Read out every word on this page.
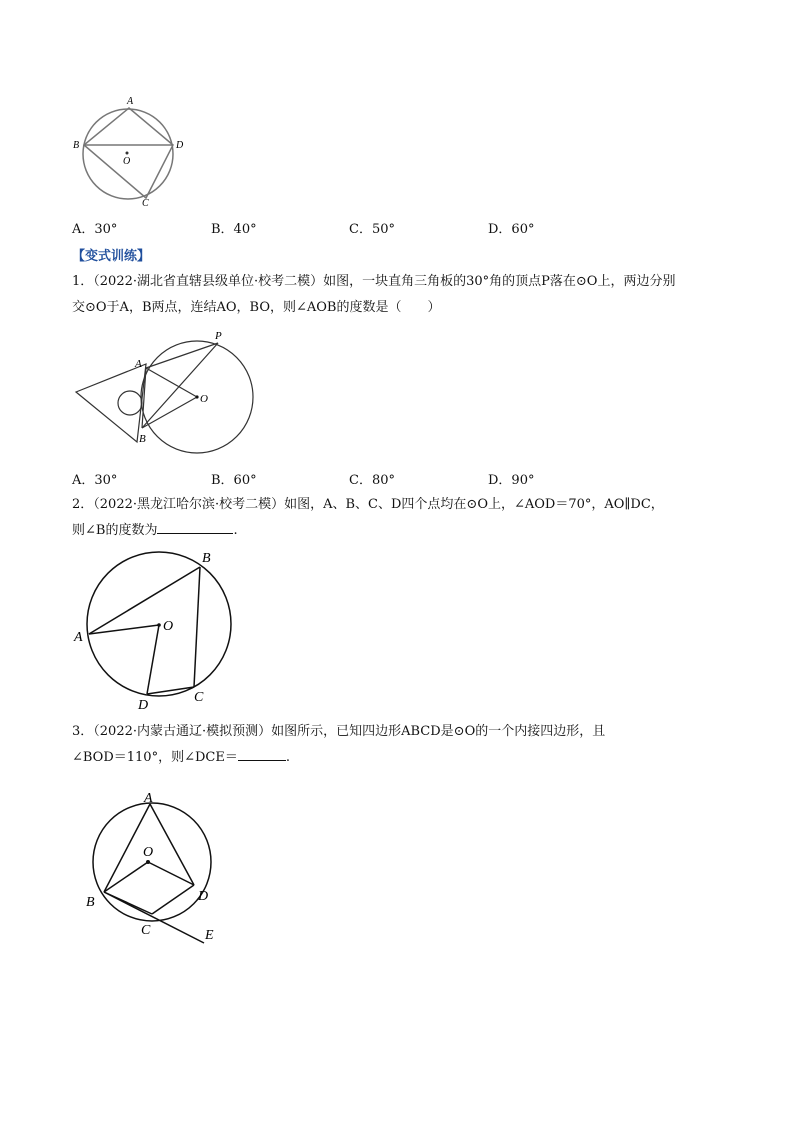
A
B	D
O
C
A．30°	B．40°	C．50°	D．60°
【变式训练】
1．（2022·湖北省直辖县级单位·校考二模）如图，一块直角三角板的30°角的顶点P落在⊙O上，两边分别
交⊙O于A，B两点，连结AO，BO，则∠AOB的度数是（　　）
P
A
O
B
A．30°	B．60°	C．80°	D．90°
2．（2022·黑龙江哈尔滨·校考二模）如图，A、B、C、D四个点均在⊙O上，∠AOD＝70°，AO∥DC，
则∠B的度数为	.
B
A
O
D
C
3．（2022·内蒙古通辽·模拟预测）如图所示，已知四边形ABCD是⊙O的一个内接四边形，且
∠BOD＝110°，则∠DCE＝	.
A
O
B	D
C	E
